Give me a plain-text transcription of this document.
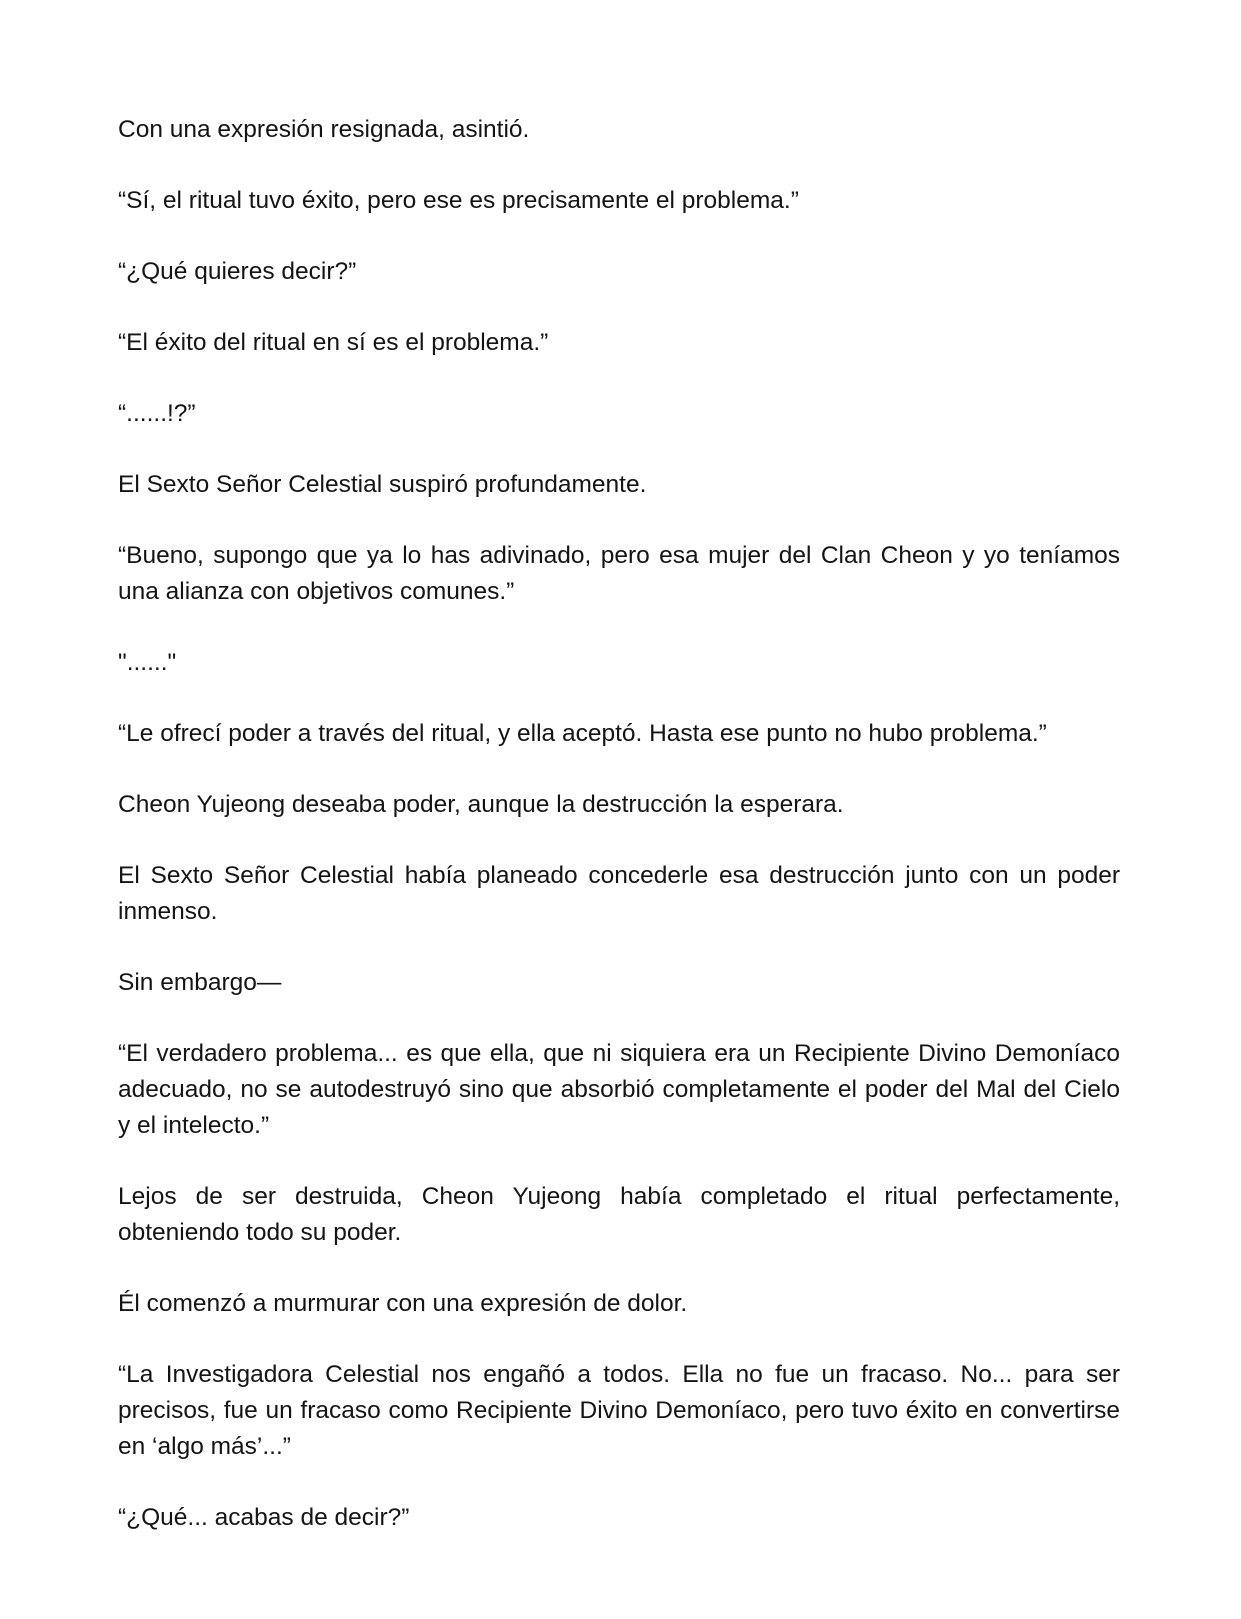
Con una expresión resignada, asintió.

“Sí, el ritual tuvo éxito, pero ese es precisamente el problema.”

“¿Qué quieres decir?”

“El éxito del ritual en sí es el problema.”

“......!?”

El Sexto Señor Celestial suspiró profundamente.

“Bueno, supongo que ya lo has adivinado, pero esa mujer del Clan Cheon y yo teníamos una alianza con objetivos comunes.”

"......"

“Le ofrecí poder a través del ritual, y ella aceptó. Hasta ese punto no hubo problema.”

Cheon Yujeong deseaba poder, aunque la destrucción la esperara.

El Sexto Señor Celestial había planeado concederle esa destrucción junto con un poder inmenso.

Sin embargo—

“El verdadero problema... es que ella, que ni siquiera era un Recipiente Divino Demoníaco adecuado, no se autodestruyó sino que absorbió completamente el poder del Mal del Cielo y el intelecto.”

Lejos de ser destruida, Cheon Yujeong había completado el ritual perfectamente, obteniendo todo su poder.

Él comenzó a murmurar con una expresión de dolor.

“La Investigadora Celestial nos engañó a todos. Ella no fue un fracaso. No... para ser precisos, fue un fracaso como Recipiente Divino Demoníaco, pero tuvo éxito en convertirse en ‘algo más’...”

“¿Qué... acabas de decir?”
